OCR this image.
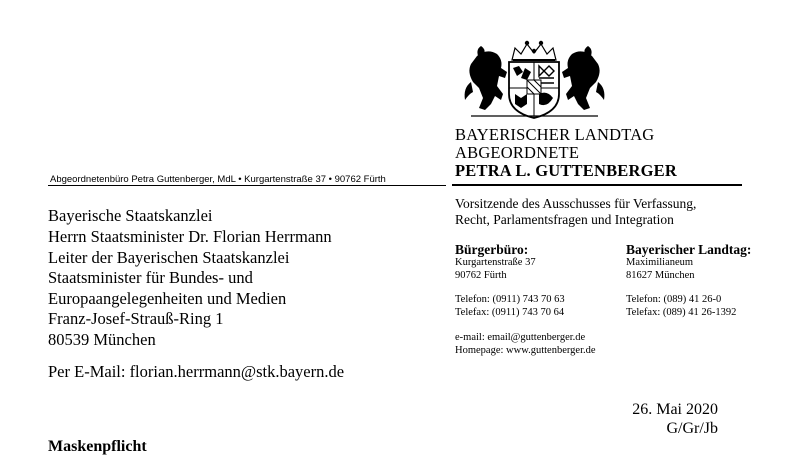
BAYERISCHER LANDTAG
ABGEORDNETE
PETRA L. GUTTENBERGER
Abgeordnetenbüro Petra Guttenberger, MdL • Kurgartenstraße 37 • 90762 Fürth
Vorsitzende des Ausschusses für Verfassung,
Recht, Parlamentsfragen und Integration
Bayerische Staatskanzlei
Herrn Staatsminister Dr. Florian Herrmann
Leiter der Bayerischen Staatskanzlei
Staatsminister für Bundes- und
Europaangelegenheiten und Medien
Franz-Josef-Strauß-Ring 1
80539 München
Per E-Mail: florian.herrmann@stk.bayern.de
Bürgerbüro:
Kurgartenstraße 37
90762 Fürth
Telefon: (0911) 743 70 63
Telefax: (0911) 743 70 64
Bayerischer Landtag:
Maximilianeum
81627 München
Telefon: (089) 41 26-0
Telefax: (089) 41 26-1392
e-mail: email@guttenberger.de
Homepage: www.guttenberger.de
26. Mai 2020
G/Gr/Jb
Maskenpflicht
